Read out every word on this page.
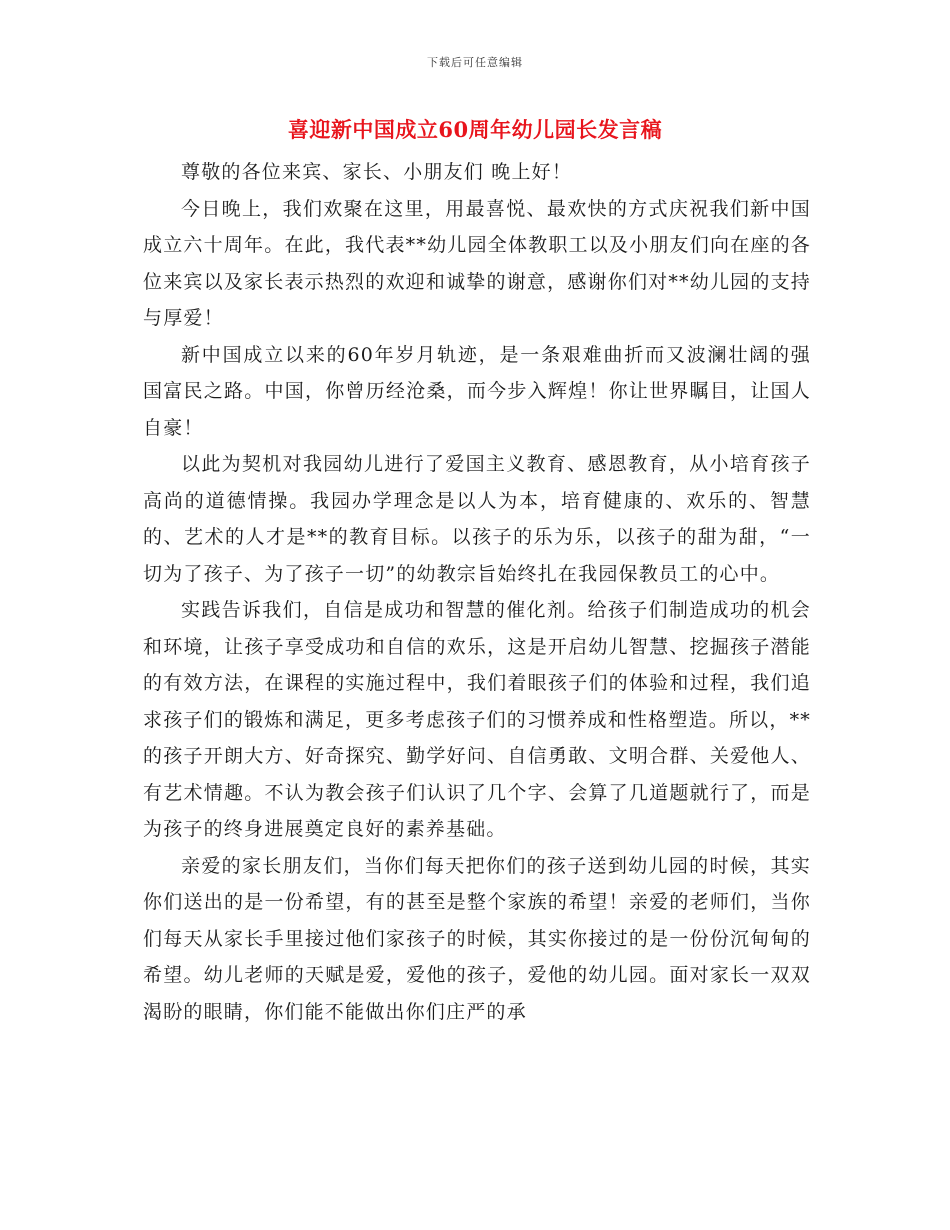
下载后可任意编辑
喜迎新中国成立60周年幼儿园长发言稿

尊敬的各位来宾、家长、小朋友们 晚上好！

今日晚上，我们欢聚在这里，用最喜悦、最欢快的方式庆祝我们新中国成立六十周年。在此，我代表**幼儿园全体教职工以及小朋友们向在座的各位来宾以及家长表示热烈的欢迎和诚挚的谢意，感谢你们对**幼儿园的支持与厚爱！

新中国成立以来的60年岁月轨迹，是一条艰难曲折而又波澜壮阔的强国富民之路。中国，你曾历经沧桑，而今步入辉煌！你让世界瞩目，让国人自豪！

以此为契机对我园幼儿进行了爱国主义教育、感恩教育，从小培育孩子高尚的道德情操。我园办学理念是以人为本，培育健康的、欢乐的、智慧的、艺术的人才是**的教育目标。以孩子的乐为乐，以孩子的甜为甜，“一切为了孩子、为了孩子一切”的幼教宗旨始终扎在我园保教员工的心中。

实践告诉我们，自信是成功和智慧的催化剂。给孩子们制造成功的机会和环境，让孩子享受成功和自信的欢乐，这是开启幼儿智慧、挖掘孩子潜能的有效方法，在课程的实施过程中，我们着眼孩子们的体验和过程，我们追求孩子们的锻炼和满足，更多考虑孩子们的习惯养成和性格塑造。所以，**的孩子开朗大方、好奇探究、勤学好问、自信勇敢、文明合群、关爱他人、有艺术情趣。不认为教会孩子们认识了几个字、会算了几道题就行了，而是为孩子的终身进展奠定良好的素养基础。

亲爱的家长朋友们，当你们每天把你们的孩子送到幼儿园的时候，其实你们送出的是一份希望，有的甚至是整个家族的希望！亲爱的老师们，当你们每天从家长手里接过他们家孩子的时候，其实你接过的是一份份沉甸甸的希望。幼儿老师的天赋是爱，爱他的孩子，爱他的幼儿园。面对家长一双双渴盼的眼睛，你们能不能做出你们庄严的承
